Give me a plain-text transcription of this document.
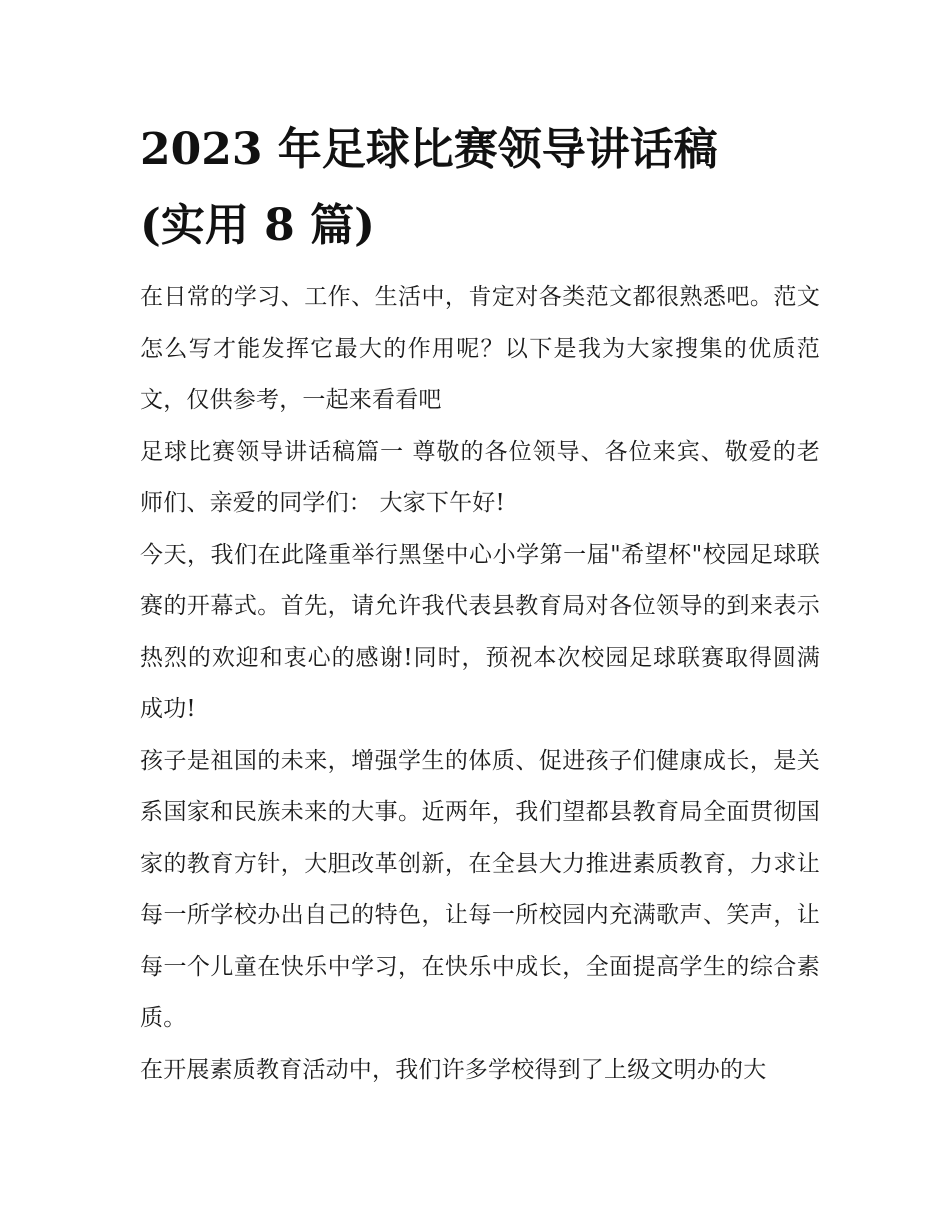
2023 年足球比赛领导讲话稿
(实用 8 篇)

在日常的学习、工作、生活中，肯定对各类范文都很熟悉吧。范文怎么写才能发挥它最大的作用呢？以下是我为大家搜集的优质范文，仅供参考，一起来看看吧

足球比赛领导讲话稿篇一 尊敬的各位领导、各位来宾、敬爱的老师们、亲爱的同学们： 大家下午好!

今天，我们在此隆重举行黑堡中心小学第一届"希望杯"校园足球联赛的开幕式。首先，请允许我代表县教育局对各位领导的到来表示热烈的欢迎和衷心的感谢!同时，预祝本次校园足球联赛取得圆满成功!

孩子是祖国的未来，增强学生的体质、促进孩子们健康成长，是关系国家和民族未来的大事。近两年，我们望都县教育局全面贯彻国家的教育方针，大胆改革创新，在全县大力推进素质教育，力求让每一所学校办出自己的特色，让每一所校园内充满歌声、笑声，让每一个儿童在快乐中学习，在快乐中成长，全面提高学生的综合素质。

在开展素质教育活动中，我们许多学校得到了上级文明办的大
